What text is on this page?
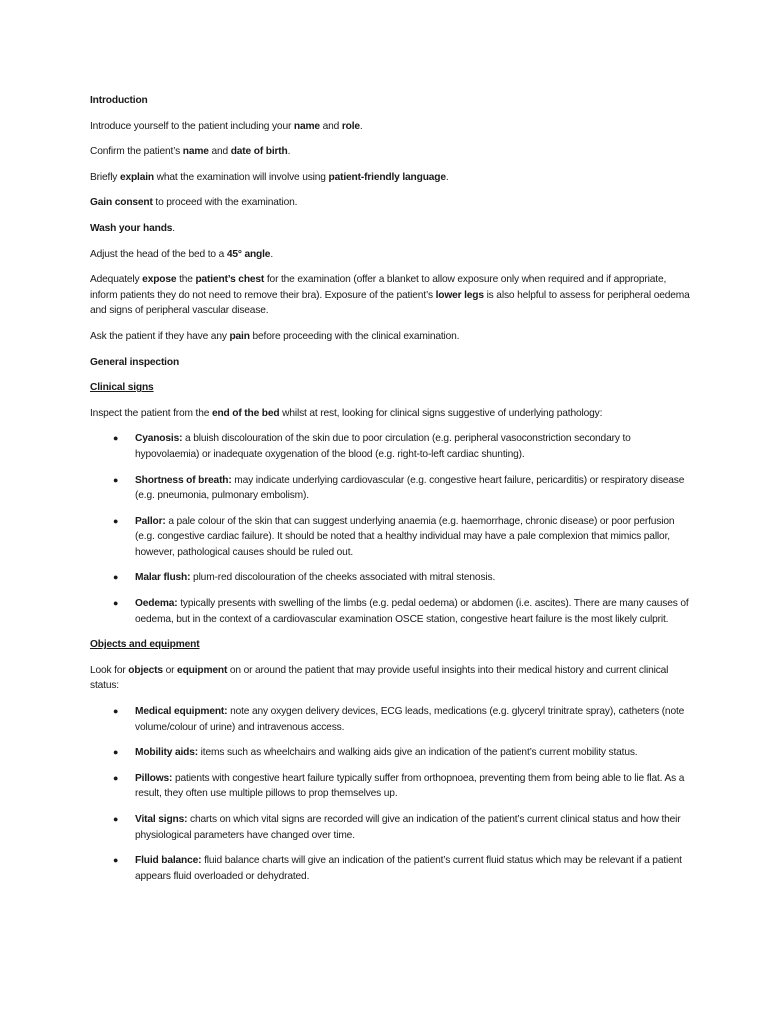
Introduction

Introduce yourself to the patient including your name and role.

Confirm the patient’s name and date of birth.

Briefly explain what the examination will involve using patient-friendly language.

Gain consent to proceed with the examination.

Wash your hands.

Adjust the head of the bed to a 45° angle.

Adequately expose the patient’s chest for the examination (offer a blanket to allow exposure only when required and if appropriate, inform patients they do not need to remove their bra). Exposure of the patient’s lower legs is also helpful to assess for peripheral oedema and signs of peripheral vascular disease.

Ask the patient if they have any pain before proceeding with the clinical examination.

General inspection

Clinical signs

Inspect the patient from the end of the bed whilst at rest, looking for clinical signs suggestive of underlying pathology:

● Cyanosis: a bluish discolouration of the skin due to poor circulation (e.g. peripheral vasoconstriction secondary to hypovolaemia) or inadequate oxygenation of the blood (e.g. right-to-left cardiac shunting).
● Shortness of breath: may indicate underlying cardiovascular (e.g. congestive heart failure, pericarditis) or respiratory disease (e.g. pneumonia, pulmonary embolism).
● Pallor: a pale colour of the skin that can suggest underlying anaemia (e.g. haemorrhage, chronic disease) or poor perfusion (e.g. congestive cardiac failure). It should be noted that a healthy individual may have a pale complexion that mimics pallor, however, pathological causes should be ruled out.
● Malar flush: plum-red discolouration of the cheeks associated with mitral stenosis.
● Oedema: typically presents with swelling of the limbs (e.g. pedal oedema) or abdomen (i.e. ascites). There are many causes of oedema, but in the context of a cardiovascular examination OSCE station, congestive heart failure is the most likely culprit.

Objects and equipment

Look for objects or equipment on or around the patient that may provide useful insights into their medical history and current clinical status:

● Medical equipment: note any oxygen delivery devices, ECG leads, medications (e.g. glyceryl trinitrate spray), catheters (note volume/colour of urine) and intravenous access.
● Mobility aids: items such as wheelchairs and walking aids give an indication of the patient’s current mobility status.
● Pillows: patients with congestive heart failure typically suffer from orthopnoea, preventing them from being able to lie flat. As a result, they often use multiple pillows to prop themselves up.
● Vital signs: charts on which vital signs are recorded will give an indication of the patient’s current clinical status and how their physiological parameters have changed over time.
● Fluid balance: fluid balance charts will give an indication of the patient’s current fluid status which may be relevant if a patient appears fluid overloaded or dehydrated.
